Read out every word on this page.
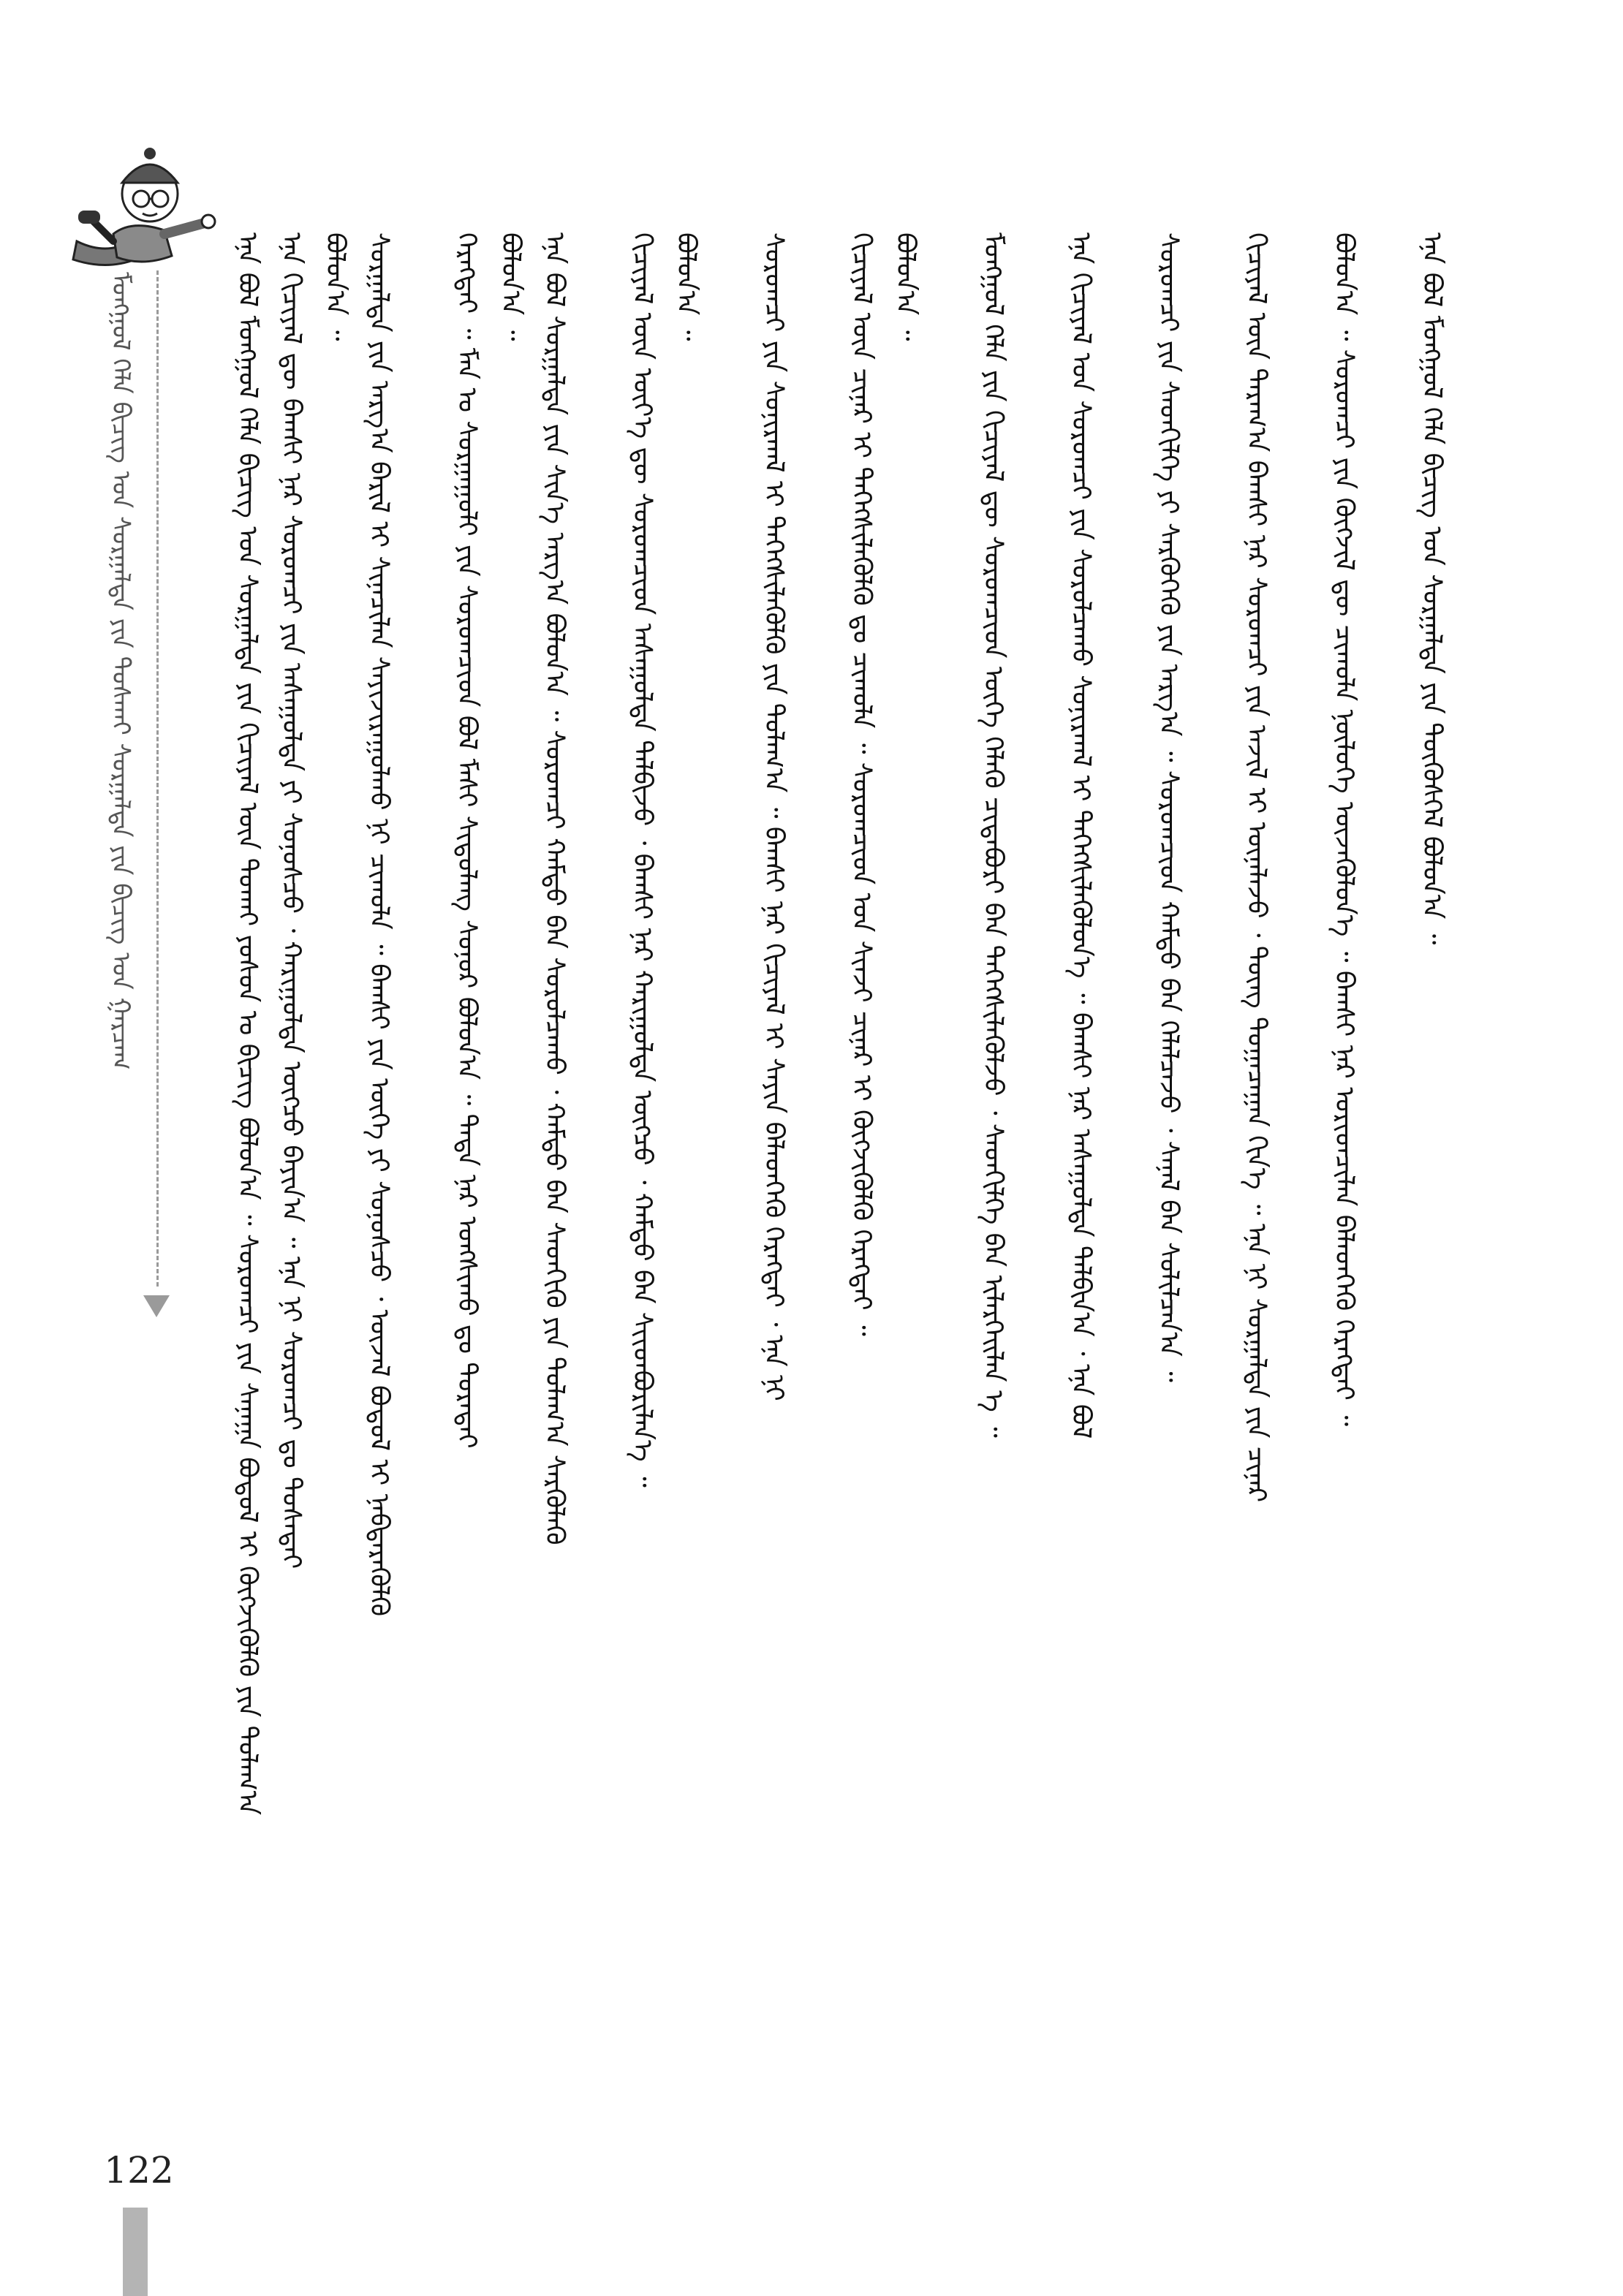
ᠮᠣᠩᠭᠣᠯ ᠬᠡᠯᠡ ᠪᠢᠴᠢᠭ ᠤᠨ ᠰᠤᠷᠭᠠᠯᠲᠠ ᠶᠢᠨ ᠲᠤᠰᠬᠠᠶ ᠰᠤᠷᠭᠠᠯᠲᠠ ᠶᠢᠨ ᠪᠢᠴᠢᠭ ᠤᠨ ᠭᠠᠷᠴᠠᠭ	ᠡᠨᠡ ᠪᠣᠯ ᠮᠣᠩᠭᠣᠯ ᠬᠡᠯᠡ ᠪᠢᠴᠢᠭ ᠤᠨ ᠰᠤᠷᠭᠠᠯᠲᠠ ᠶᠢᠨ ᠬᠢᠴᠢᠶᠡᠯ ᠦᠨ ᠲᠤᠬᠠᠢ ᠶᠣᠰᠣᠨ ᠤ ᠪᠢᠴᠢᠭ ᠪᠣᠯᠣᠨ᠎ᠠ ᠃ ᠰᠤᠷᠤᠭᠴᠢ ᠶᠢᠨ ᠰᠠᠨᠠᠭᠠ ᠪᠣᠳᠣᠯ ᠢ ᠬᠥᠭᠵᠢᠭᠦᠯᠬᠦ ᠶᠢᠨ ᠲᠤᠯᠠᠭ᠎ᠠ ᠡᠨᠡ ᠬᠢᠴᠢᠶᠡᠯ ᠳᠦ ᠪᠠᠭᠰᠢ ᠨᠠᠷ ᠰᠤᠷᠤᠭᠴᠢ ᠶᠢᠨ ᠠᠰᠠᠭᠤᠯᠲᠠ ᠶᠢ ᠰᠣᠨᠣᠰᠴᠤ ᠂ ᠬᠠᠷᠢᠭᠤᠯᠲᠠ ᠥᠭᠴᠦ ᠪᠠᠶᠢᠨ᠎ᠠ ᠃ ᠡᠨᠡ ᠨᠢ ᠰᠤᠷᠤᠭᠴᠢ ᠳᠤ ᠲᠤᠰᠠᠲᠠᠢ ᠪᠣᠯᠤᠨ᠎ᠠ ᠃ ᠰᠤᠷᠭᠠᠯᠲᠠ ᠶᠢᠨ ᠠᠷᠭ᠎ᠠ ᠪᠠᠷᠢᠯ ᠢ ᠰᠢᠨᠡᠴᠢᠯᠡᠨ ᠰᠠᠶᠢᠵᠢᠷᠠᠭᠤᠯᠬᠤ ᠨᠢ ᠴᠢᠬᠤᠯᠠ ᠃ ᠪᠠᠭᠰᠢ ᠶᠢᠨ ᠦᠭᠡ ᠶᠢ ᠰᠣᠨᠣᠰᠴᠤ ᠂ ᠦᠵᠡᠯ ᠪᠣᠳᠣᠯ ᠢ ᠨᠡᠪᠲᠡᠷᠡᠭᠦᠯᠬᠦ ᠬᠡᠷᠡᠭᠲᠡᠢ ᠃ ᠮᠠᠨ ᠤ ᠰᠤᠷᠭᠠᠭᠤᠯᠢ ᠶᠢᠨ ᠰᠤᠷᠤᠭᠴᠢᠳ ᠪᠣᠯ ᠮᠠᠰᠢ ᠰᠢᠳᠦᠯᠡᠩ ᠰᠣᠨᠣᠷ ᠪᠣᠯᠤᠨ᠎ᠠ ᠃ ᠲᠡᠳᠡ ᠨᠠᠷ ᠤᠩᠰᠢᠬᠤ ᠳᠤ ᠳᠤᠷᠠᠲᠠᠢ ᠪᠣᠯᠤᠨ᠎ᠠ ᠃ ᠡᠨᠡ ᠪᠣᠯ ᠰᠤᠷᠭᠠᠯᠲᠠ ᠶᠢᠨ ᠰᠢᠨ᠎ᠡ ᠠᠷᠭ᠎ᠠ ᠪᠣᠯᠤᠨ᠎ᠠ ᠃ ᠰᠤᠷᠤᠭᠴᠢ ᠬᠠᠮᠲᠤ ᠪᠡᠨ ᠰᠤᠷᠤᠯᠴᠠᠬᠤ ᠂ ᠬᠠᠮᠲᠤ ᠪᠡᠨ ᠰᠡᠳᠬᠢᠬᠦ ᠶᠢᠨ ᠲᠤᠯᠠᠭ᠎ᠠ ᠰᠡᠷᠭᠦᠯᠡᠬᠦ ᠬᠢᠴᠢᠶᠡᠯ ᠦᠨ ᠦᠶ᠎ᠡ ᠳᠦ ᠰᠤᠷᠤᠭᠴᠢᠳ ᠠᠰᠠᠭᠤᠯᠲᠠ ᠲᠠᠯᠪᠢᠵᠤ ᠂ ᠪᠠᠭᠰᠢ ᠨᠠᠷ ᠬᠠᠷᠢᠭᠤᠯᠲᠠ ᠥᠭᠴᠦ ᠂ ᠬᠠᠮᠲᠤ ᠪᠡᠨ ᠰᠢᠢᠳᠪᠦᠷᠢᠯᠡᠨ᠎ᠡ ᠃ ᠪᠣᠯᠤᠨ᠎ᠠ ᠃ ᠰᠤᠷᠤᠭᠴᠢ ᠶᠢᠨ ᠰᠣᠨᠢᠷᠬᠠᠯ ᠢ ᠳᠡᠭᠡᠭᠰᠢᠯᠡᠭᠦᠯᠬᠦ ᠶᠢᠨ ᠲᠤᠯᠠᠭ᠎ᠠ ᠃ ᠪᠠᠭᠰᠢ ᠨᠠᠷ ᠬᠢᠴᠢᠶᠡᠯ ᠢ ᠰᠠᠶᠢᠨ ᠪᠡᠯᠡᠳᠭᠡᠬᠦ ᠬᠡᠷᠡᠭᠲᠡᠢ ᠂ ᠡᠨᠡ ᠨᠢ ᠬᠢᠴᠢᠶᠡᠯ ᠦᠨ ᠴᠢᠨᠠᠷ ᠢ ᠳᠡᠭᠡᠭᠰᠢᠯᠡᠭᠦᠯᠬᠦ ᠳᠤ ᠴᠢᠬᠤᠯᠠ ᠃ ᠰᠤᠷᠤᠭᠴᠢᠳ ᠤᠨ ᠰᠢᠨᠵᠢ ᠴᠢᠨᠠᠷ ᠢ ᠬᠥᠭᠵᠢᠭᠦᠯᠬᠦ ᠬᠡᠷᠡᠭᠲᠡᠢ ᠃ ᠪᠣᠯᠤᠨ᠎ᠠ ᠃ ᠮᠣᠩᠭᠣᠯ ᠬᠡᠯᠡ ᠶᠢᠨ ᠬᠢᠴᠢᠶᠡᠯ ᠳᠦ ᠰᠤᠷᠤᠭᠴᠢᠳ ᠦᠭᠡ ᠬᠡᠯᠡᠬᠦ ᠴᠢᠳᠠᠪᠤᠷᠢ ᠪᠡᠨ ᠳᠡᠭᠡᠭᠰᠢᠯᠡᠭᠦᠯᠵᠦ ᠂ ᠰᠡᠳᠬᠢᠯᠭᠡ ᠪᠡᠨ ᠢᠯᠡᠷᠬᠡᠢᠯᠡᠨ ᠡ ᠃ ᠡᠨᠡ ᠬᠢᠴᠢᠶᠡᠯ ᠤᠨ ᠰᠤᠷᠤᠭᠴᠢ ᠶᠢᠨ ᠰᠤᠷᠤᠯᠴᠠᠬᠤ ᠰᠣᠨᠢᠷᠬᠠᠯ ᠢ ᠳᠡᠭᠡᠭᠰᠢᠯᠡᠭᠦᠯᠦᠨ᠎ᠡ ᠃ ᠪᠠᠭᠰᠢ ᠨᠠᠷ ᠠᠰᠠᠭᠤᠯᠲᠠ ᠲᠠᠯᠪᠢᠨ᠎ᠠ ᠂ ᠡᠨᠡ ᠪᠣᠯ ᠰᠤᠷᠤᠭᠴᠢ ᠶᠢᠨ ᠰᠡᠳᠬᠢᠯᠭᠡ ᠶᠢ ᠰᠡᠷᠭᠦᠭᠡᠬᠦ ᠶᠢᠨ ᠠᠷᠭ᠎ᠠ ᠃ ᠰᠤᠷᠤᠭᠴᠢᠳ ᠬᠠᠮᠲᠤ ᠪᠡᠨ ᠬᠡᠯᠡᠯᠴᠡᠵᠦ ᠂ ᠰᠠᠨᠠᠯ ᠪᠡᠨ ᠰᠣᠯᠢᠯᠴᠠᠨ᠎ᠠ ᠃ ᠬᠢᠴᠢᠶᠡᠯ ᠦᠨ ᠳᠠᠷᠠᠭ᠎ᠠ ᠪᠠᠭᠰᠢ ᠨᠠᠷ ᠰᠤᠷᠤᠭᠴᠢ ᠶᠢᠨ ᠠᠵᠢᠯ ᠢ ᠦᠨᠡᠯᠡᠵᠦ ᠂ ᠳᠦᠩ ᠲᠣᠭᠠᠴᠠᠭᠠᠨ ᠬᠢᠨ᠎ᠡ ᠃ ᠡᠨᠡ ᠨᠢ ᠰᠤᠷᠭᠠᠯᠲᠠ ᠶᠢᠨ ᠴᠢᠨᠠᠷ ᠪᠣᠯᠤᠨ᠎ᠠ ᠃ ᠰᠤᠷᠤᠭᠴᠢ ᠶᠢᠨ ᠬᠥᠭᠵᠢᠯ ᠳᠦ ᠴᠢᠬᠤᠯᠠ ᠨᠥᠯᠦᠭᠡ ᠦᠵᠡᠭᠦᠯᠦᠨ᠎ᠡ ᠃ ᠪᠠᠭᠰᠢ ᠨᠠᠷ ᠤᠷᠢᠳᠴᠢᠯᠠᠨ ᠪᠡᠯᠡᠳᠭᠡᠬᠦ ᠬᠡᠷᠡᠭᠲᠡᠢ ᠃ ᠡᠨᠡ ᠪᠣᠯ ᠮᠣᠩᠭᠣᠯ ᠬᠡᠯᠡ ᠪᠢᠴᠢᠭ ᠤᠨ ᠰᠤᠷᠭᠠᠯᠲᠠ ᠶᠢᠨ ᠲᠥᠭᠦᠰᠬᠡᠯ ᠪᠣᠯᠤᠨ᠎ᠠ ᠃
122
